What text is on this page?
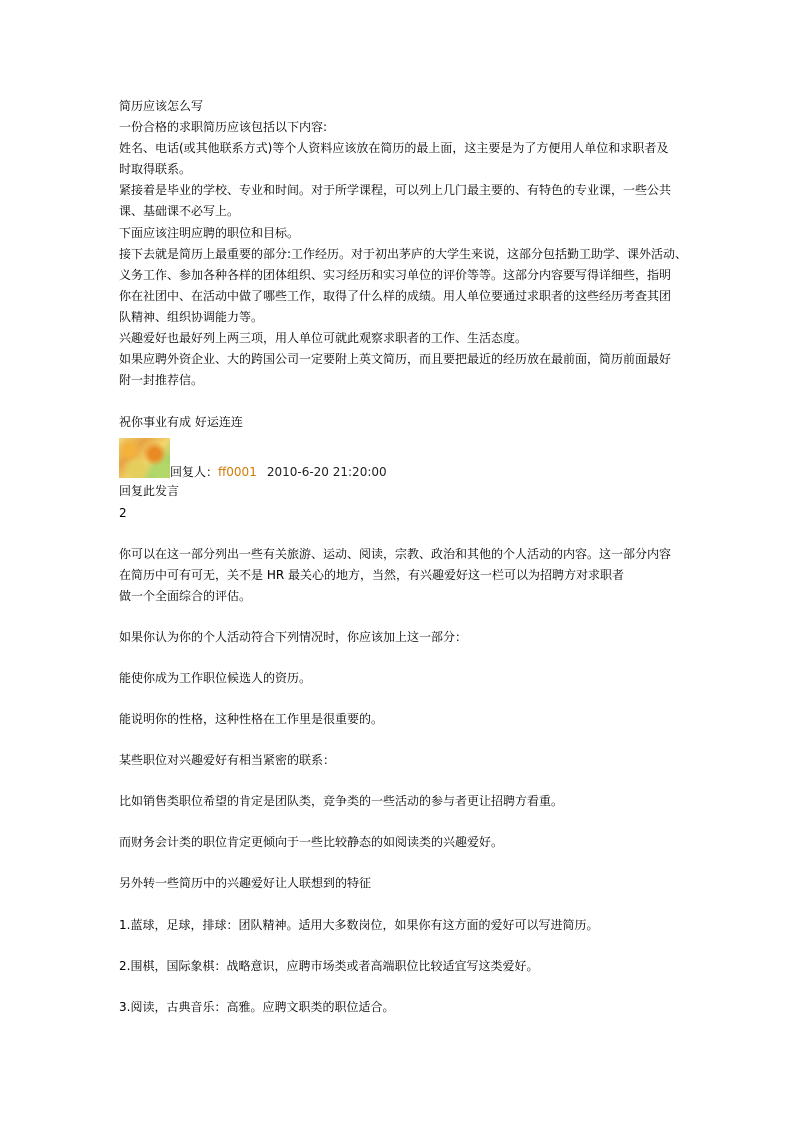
简历应该怎么写
一份合格的求职简历应该包括以下内容:
姓名、电话(或其他联系方式)等个人资料应该放在简历的最上面，这主要是为了方便用人单位和求职者及
时取得联系。
紧接着是毕业的学校、专业和时间。对于所学课程，可以列上几门最主要的、有特色的专业课，一些公共
课、基础课不必写上。
下面应该注明应聘的职位和目标。
接下去就是简历上最重要的部分:工作经历。对于初出茅庐的大学生来说，这部分包括勤工助学、课外活动、
义务工作、参加各种各样的团体组织、实习经历和实习单位的评价等等。这部分内容要写得详细些，指明
你在社团中、在活动中做了哪些工作，取得了什么样的成绩。用人单位要通过求职者的这些经历考查其团
队精神、组织协调能力等。
兴趣爱好也最好列上两三项，用人单位可就此观察求职者的工作、生活态度。
如果应聘外资企业、大的跨国公司一定要附上英文简历，而且要把最近的经历放在最前面，简历前面最好
附一封推荐信。
祝你事业有成 好运连连
回复人：ff0001 2010-6-20 21:20:00
回复此发言
2
你可以在这一部分列出一些有关旅游、运动、阅读，宗教、政治和其他的个人活动的内容。这一部分内容
在简历中可有可无，关不是 HR 最关心的地方，当然，有兴趣爱好这一栏可以为招聘方对求职者
做一个全面综合的评估。
如果你认为你的个人活动符合下列情况时，你应该加上这一部分：
能使你成为工作职位候选人的资历。
能说明你的性格，这种性格在工作里是很重要的。
某些职位对兴趣爱好有相当紧密的联系：
比如销售类职位希望的肯定是团队类，竞争类的一些活动的参与者更让招聘方看重。
而财务会计类的职位肯定更倾向于一些比较静态的如阅读类的兴趣爱好。
另外转一些简历中的兴趣爱好让人联想到的特征
1.蓝球，足球，排球：团队精神。适用大多数岗位，如果你有这方面的爱好可以写进简历。
2.围棋，国际象棋：战略意识，应聘市场类或者高端职位比较适宜写这类爱好。
3.阅读，古典音乐：高雅。应聘文职类的职位适合。
